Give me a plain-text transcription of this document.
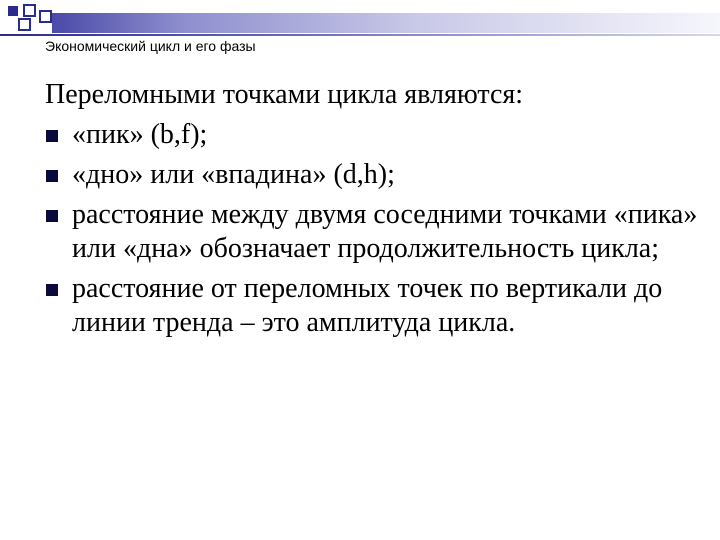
Экономический цикл и его фазы

Переломными точками цикла являются:

«пик» (b,f);
«дно» или «впадина» (d,h);
расстояние между двумя соседними точками «пика» или «дна» обозначает продолжительность цикла;
расстояние от переломных точек по вертикали до линии тренда – это амплитуда цикла.
